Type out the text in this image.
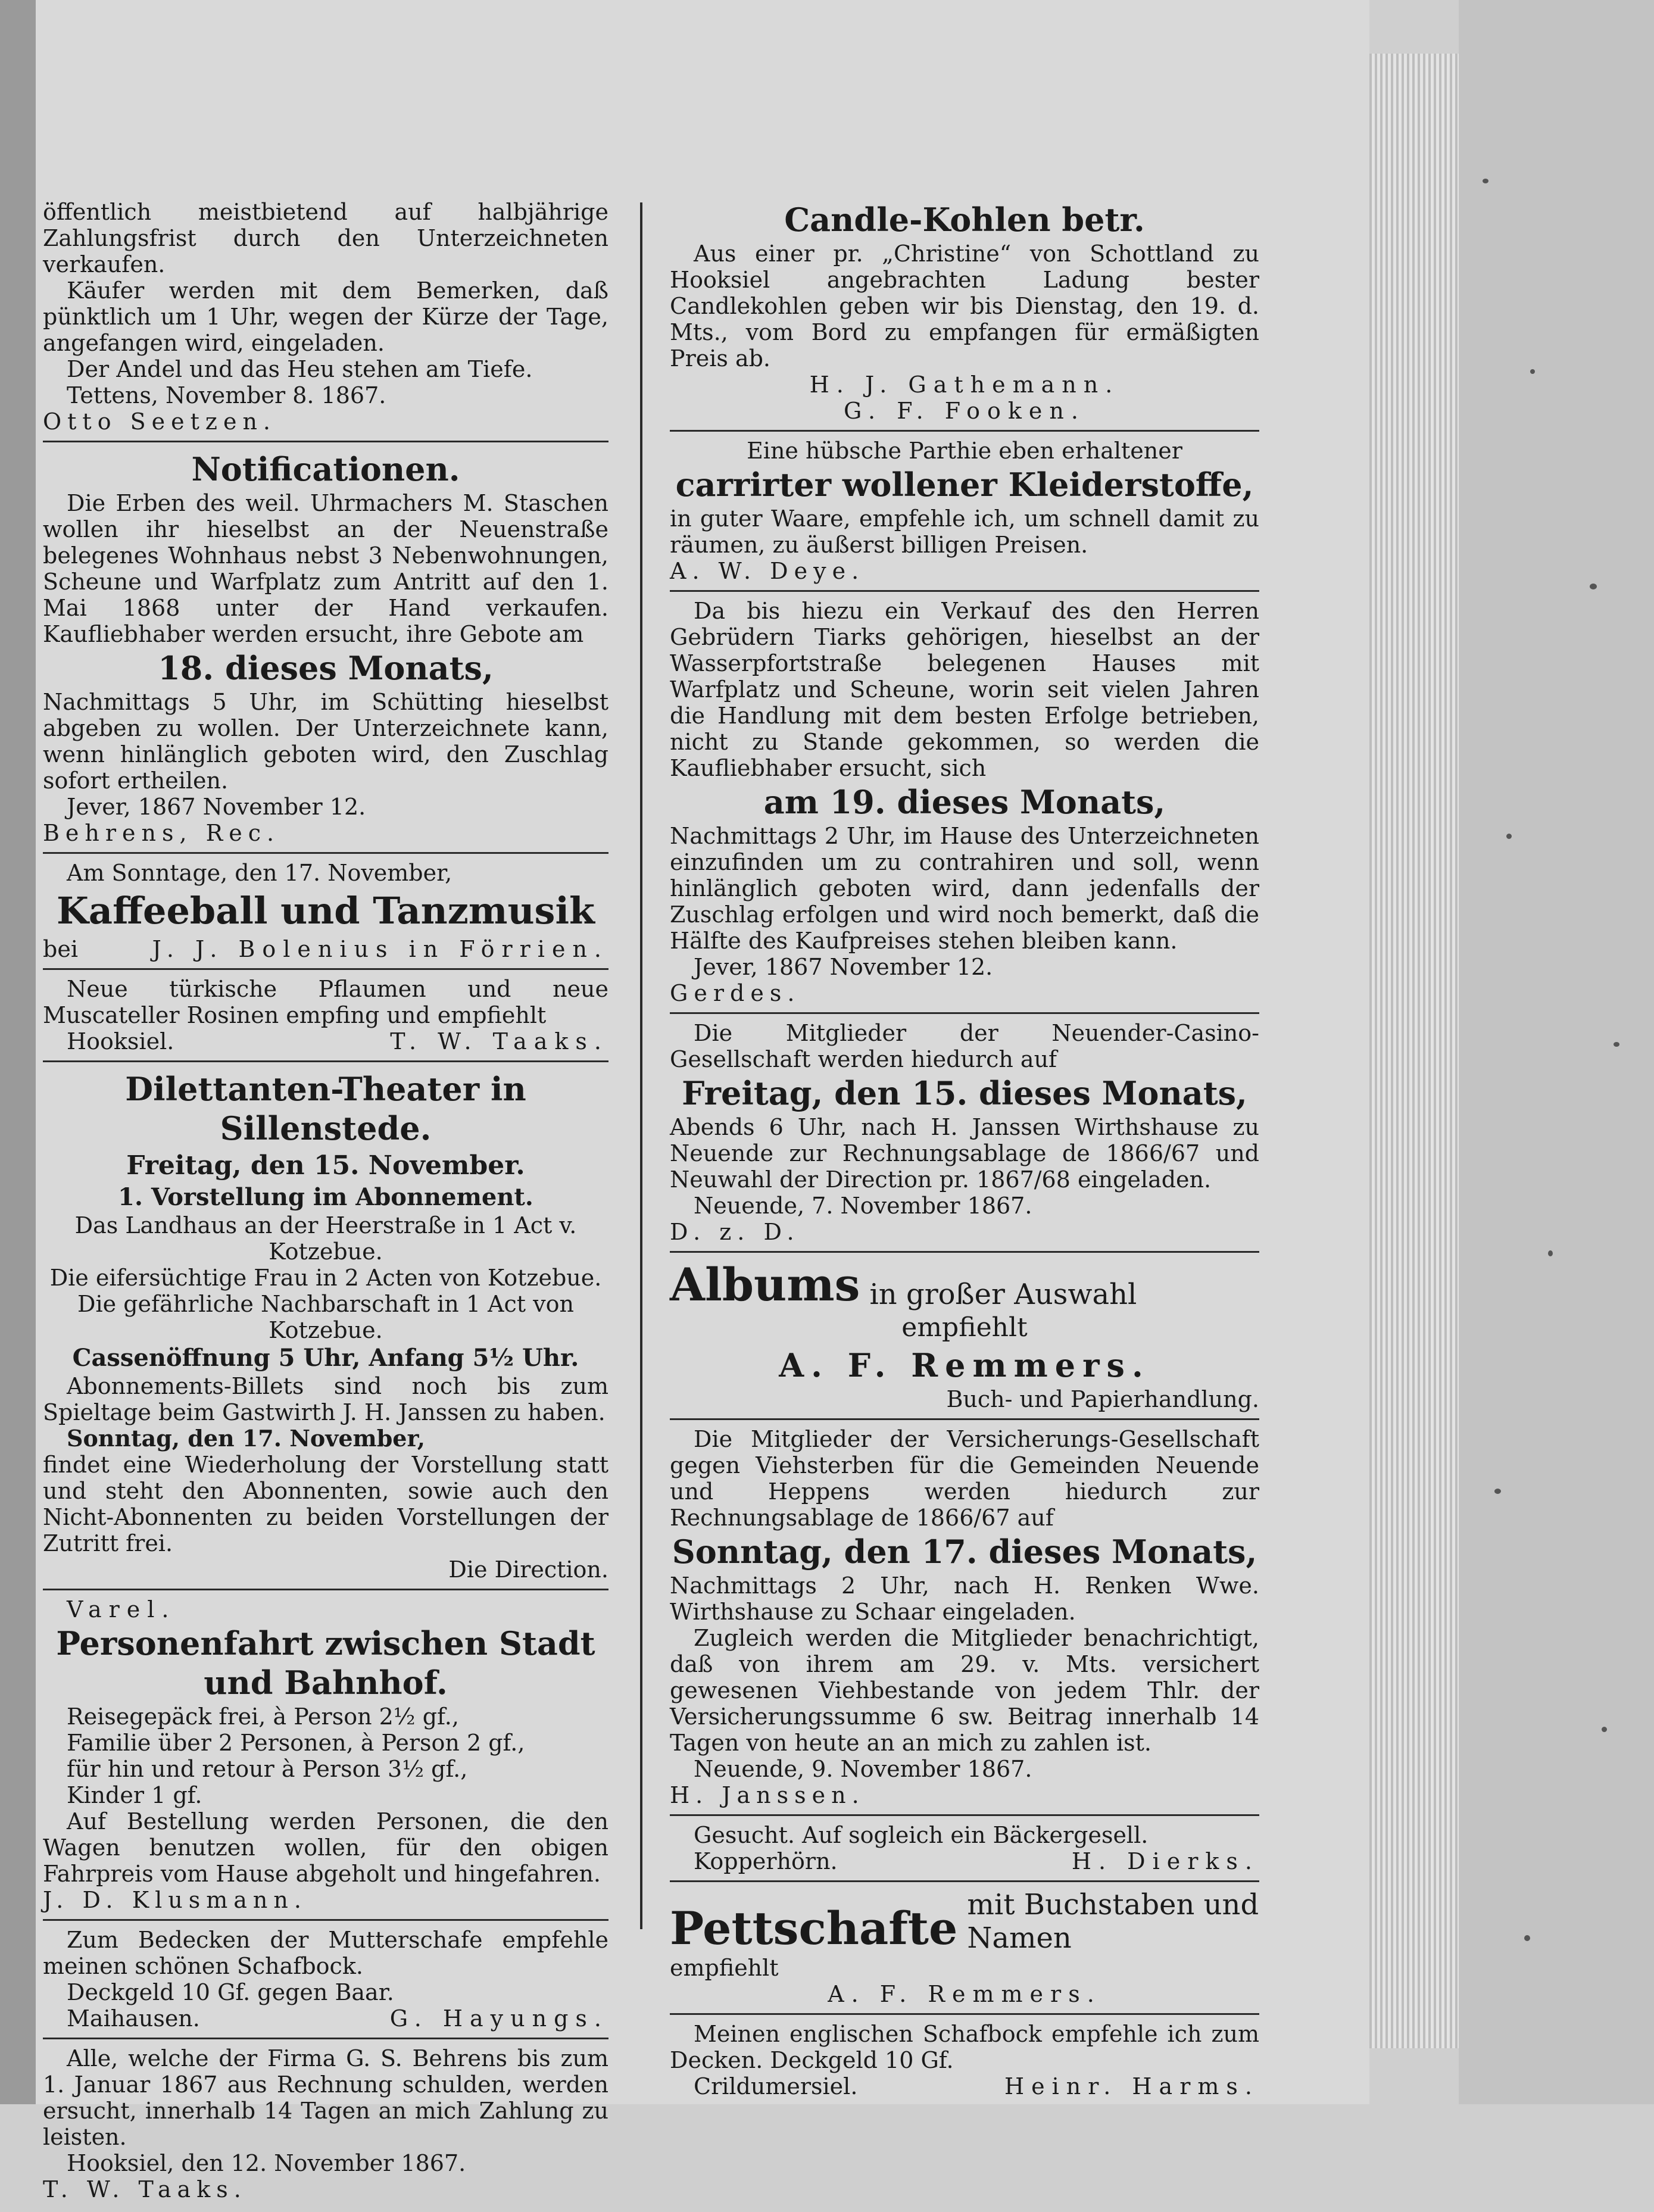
öffentlich meistbietend auf halbjährige Zahlungsfrist durch den Unterzeichneten verkaufen.

Käufer werden mit dem Bemerken, daß pünktlich um 1 Uhr, wegen der Kürze der Tage, angefangen wird, eingeladen.

Der Andel und das Heu stehen am Tiefe.

Tettens, November 8. 1867.

Otto Seetzen.

Notificationen.

Die Erben des weil. Uhrmachers M. Staschen wollen ihr hieselbst an der Neuenstraße belegenes Wohnhaus nebst 3 Nebenwohnungen, Scheune und Warfplatz zum Antritt auf den 1. Mai 1868 unter der Hand verkaufen. Kaufliebhaber werden ersucht, ihre Gebote am

18. dieses Monats,

Nachmittags 5 Uhr, im Schütting hieselbst abgeben zu wollen. Der Unterzeichnete kann, wenn hinlänglich geboten wird, den Zuschlag sofort ertheilen.

Jever, 1867 November 12.

Behrens, Rec.

Am Sonntage, den 17. November,

Kaffeeball und Tanzmusik
bei	J. J. Bolenius in Förrien.

Neue türkische Pflaumen und neue Muscateller Rosinen empfing und empfiehlt

Hooksiel.	T. W. Taaks.
Dilettanten-Theater in Sillenstede.
Freitag, den 15. November.
1. Vorstellung im Abonnement.

Das Landhaus an der Heerstraße in 1 Act v. Kotzebue.

Die eifersüchtige Frau in 2 Acten von Kotzebue.

Die gefährliche Nachbarschaft in 1 Act von Kotzebue.

Cassenöffnung 5 Uhr, Anfang 5½ Uhr.

Abonnements-Billets sind noch bis zum Spieltage beim Gastwirth J. H. Janssen zu haben.

Sonntag, den 17. November,

findet eine Wiederholung der Vorstellung statt und steht den Abonnenten, sowie auch den Nicht-Abonnenten zu beiden Vorstellungen der Zutritt frei.

Die Direction.

Varel.

Personenfahrt zwischen Stadt und Bahnhof.

Reisegepäck frei, à Person 2½ gf.,

Familie über 2 Personen, à Person 2 gf.,

für hin und retour à Person 3½ gf.,

Kinder 1 gf.

Auf Bestellung werden Personen, die den Wagen benutzen wollen, für den obigen Fahrpreis vom Hause abgeholt und hingefahren.

J. D. Klusmann.

Zum Bedecken der Mutterschafe empfehle meinen schönen Schafbock.

Deckgeld 10 Gf. gegen Baar.

Maihausen.	G. Hayungs.

Alle, welche der Firma G. S. Behrens bis zum 1. Januar 1867 aus Rechnung schulden, werden ersucht, innerhalb 14 Tagen an mich Zahlung zu leisten.

Hooksiel, den 12. November 1867.

T. W. Taaks.

Candle-Kohlen betr.

Aus einer pr. „Christine“ von Schottland zu Hooksiel angebrachten Ladung bester Candlekohlen geben wir bis Dienstag, den 19. d. Mts., vom Bord zu empfangen für ermäßigten Preis ab.

H. J. Gathemann.

G. F. Fooken.

Eine hübsche Parthie eben erhaltener

carrirter wollener Kleiderstoffe,

in guter Waare, empfehle ich, um schnell damit zu räumen, zu äußerst billigen Preisen.

A. W. Deye.

Da bis hiezu ein Verkauf des den Herren Gebrüdern Tiarks gehörigen, hieselbst an der Wasserpfortstraße belegenen Hauses mit Warfplatz und Scheune, worin seit vielen Jahren die Handlung mit dem besten Erfolge betrieben, nicht zu Stande gekommen, so werden die Kaufliebhaber ersucht, sich

am 19. dieses Monats,

Nachmittags 2 Uhr, im Hause des Unterzeichneten einzufinden um zu contrahiren und soll, wenn hinlänglich geboten wird, dann jedenfalls der Zuschlag erfolgen und wird noch bemerkt, daß die Hälfte des Kaufpreises stehen bleiben kann.

Jever, 1867 November 12.

Gerdes.

Die Mitglieder der Neuender-Casino-Gesellschaft werden hiedurch auf

Freitag, den 15. dieses Monats,

Abends 6 Uhr, nach H. Janssen Wirthshause zu Neuende zur Rechnungsablage de 1866/67 und Neuwahl der Direction pr. 1867/68 eingeladen.

Neuende, 7. November 1867.

D. z. D.

Albums in großer Auswahl
empfiehlt
A. F. Remmers.

Buch- und Papierhandlung.

Die Mitglieder der Versicherungs-Gesellschaft gegen Viehsterben für die Gemeinden Neuende und Heppens werden hiedurch zur Rechnungsablage de 1866/67 auf

Sonntag, den 17. dieses Monats,

Nachmittags 2 Uhr, nach H. Renken Wwe. Wirthshause zu Schaar eingeladen.

Zugleich werden die Mitglieder benachrichtigt, daß von ihrem am 29. v. Mts. versichert gewesenen Viehbestande von jedem Thlr. der Versicherungssumme 6 sw. Beitrag innerhalb 14 Tagen von heute an an mich zu zahlen ist.

Neuende, 9. November 1867.

H. Janssen.

Gesucht. Auf sogleich ein Bäckergesell.

Kopperhörn.	H. Dierks.
Pettschafte mit Buchstaben und Namen

empfiehlt

A. F. Remmers.

Meinen englischen Schafbock empfehle ich zum Decken. Deckgeld 10 Gf.

Crildumersiel.	Heinr. Harms.
